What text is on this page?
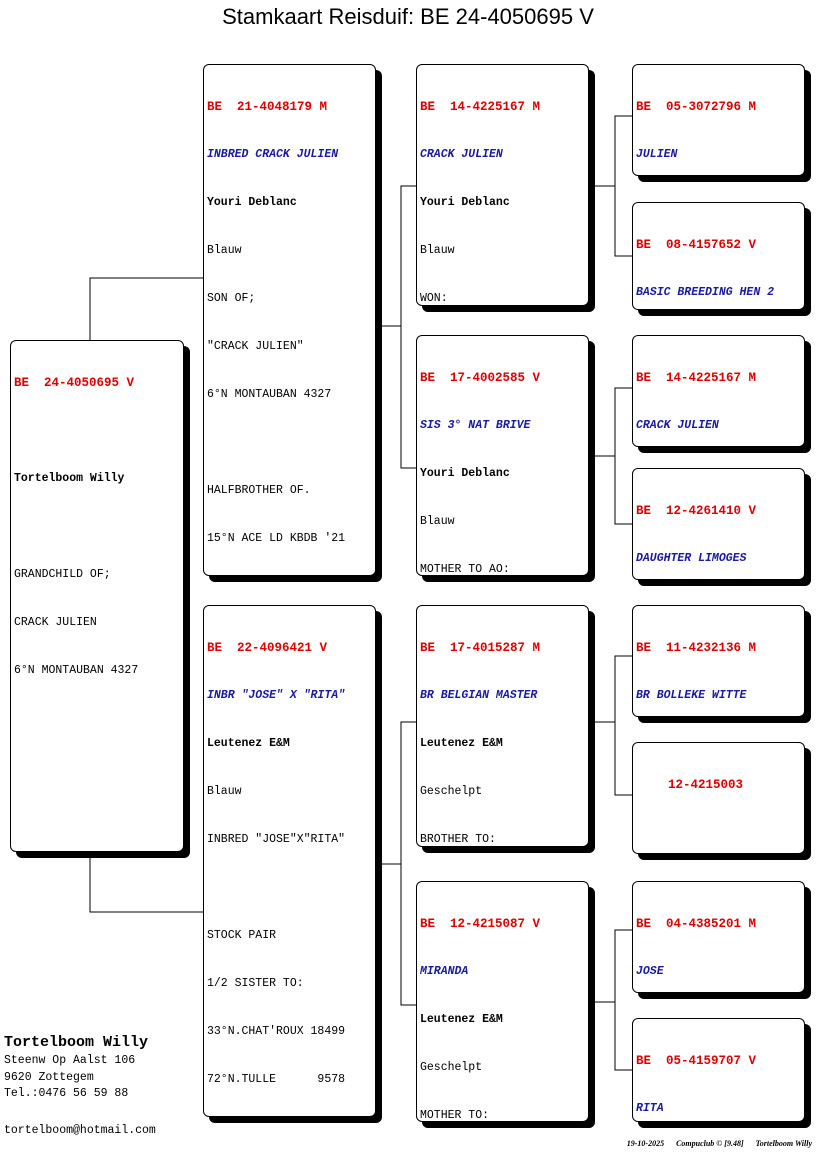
Stamkaart Reisduif: BE 24-4050695 V

BE  24-4050695 V

Tortelboom Willy

GRANDCHILD OF;

CRACK JULIEN

6°N MONTAUBAN 4327

BE  21-4048179 M

INBRED CRACK JULIEN

Youri Deblanc

Blauw

SON OF;

"CRACK JULIEN"

6°N MONTAUBAN 4327

HALFBROTHER OF.

15°N ACE LD KBDB '21

BE  22-4096421 V

INBR "JOSE" X "RITA"

Leutenez E&M

Blauw

INBRED "JOSE"X"RITA"

STOCK PAIR

1/2 SISTER TO:

33°N.CHAT'ROUX 18499

72°N.TULLE      9578

BE  14-4225167 M

CRACK JULIEN

Youri Deblanc

Blauw

WON:

BE  17-4002585 V

SIS 3° NAT BRIVE

Youri Deblanc

Blauw

MOTHER TO AO:

BE  17-4015287 M

BR BELGIAN MASTER

Leutenez E&M

Geschelpt

BROTHER TO:

BE  12-4215087 V

MIRANDA

Leutenez E&M

Geschelpt

MOTHER TO:

BE  05-3072796 M

JULIEN

BE  08-4157652 V

BASIC BREEDING HEN 2

BE  14-4225167 M

CRACK JULIEN

BE  12-4261410 V

DAUGHTER LIMOGES

BE  11-4232136 M

BR BOLLEKE WITTE

12-4215003

BE  04-4385201 M

JOSE

BE  05-4159707 V

RITA

Tortelboom Willy
Steenw Op Aalst 106
9620 Zottegem
Tel.:0476 56 59 88
tortelboom@hotmail.com
19-10-2025 Compuclub © [9.48] Tortelboom Willy
